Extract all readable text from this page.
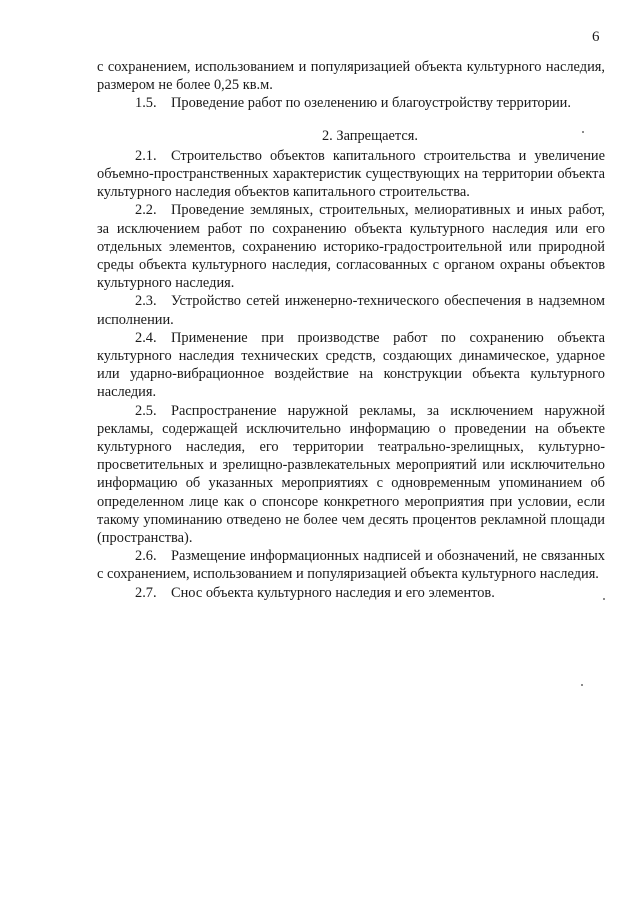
6

с сохранением, использованием и популяризацией объекта культурного наследия, размером не более 0,25 кв.м.

1.5. Проведение работ по озеленению и благоустройству территории.

2. Запрещается.

2.1. Строительство объектов капитального строительства и увеличение объемно-пространственных характеристик существующих на территории объекта культурного наследия объектов капитального строительства.

2.2. Проведение земляных, строительных, мелиоративных и иных работ, за исключением работ по сохранению объекта культурного наследия или его отдельных элементов, сохранению историко-градостроительной или природной среды объекта культурного наследия, согласованных с органом охраны объектов культурного наследия.

2.3. Устройство сетей инженерно-технического обеспечения в надземном исполнении.

2.4. Применение при производстве работ по сохранению объекта культурного наследия технических средств, создающих динамическое, ударное или ударно-вибрационное воздействие на конструкции объекта культурного наследия.

2.5. Распространение наружной рекламы, за исключением наружной рекламы, содержащей исключительно информацию о проведении на объекте культурного наследия, его территории театрально-зрелищных, культурно-просветительных и зрелищно-развлекательных мероприятий или исключительно информацию об указанных мероприятиях с одновременным упоминанием об определенном лице как о спонсоре конкретного мероприятия при условии, если такому упоминанию отведено не более чем десять процентов рекламной площади (пространства).

2.6. Размещение информационных надписей и обозначений, не связанных с сохранением, использованием и популяризацией объекта культурного наследия.

2.7. Снос объекта культурного наследия и его элементов.
